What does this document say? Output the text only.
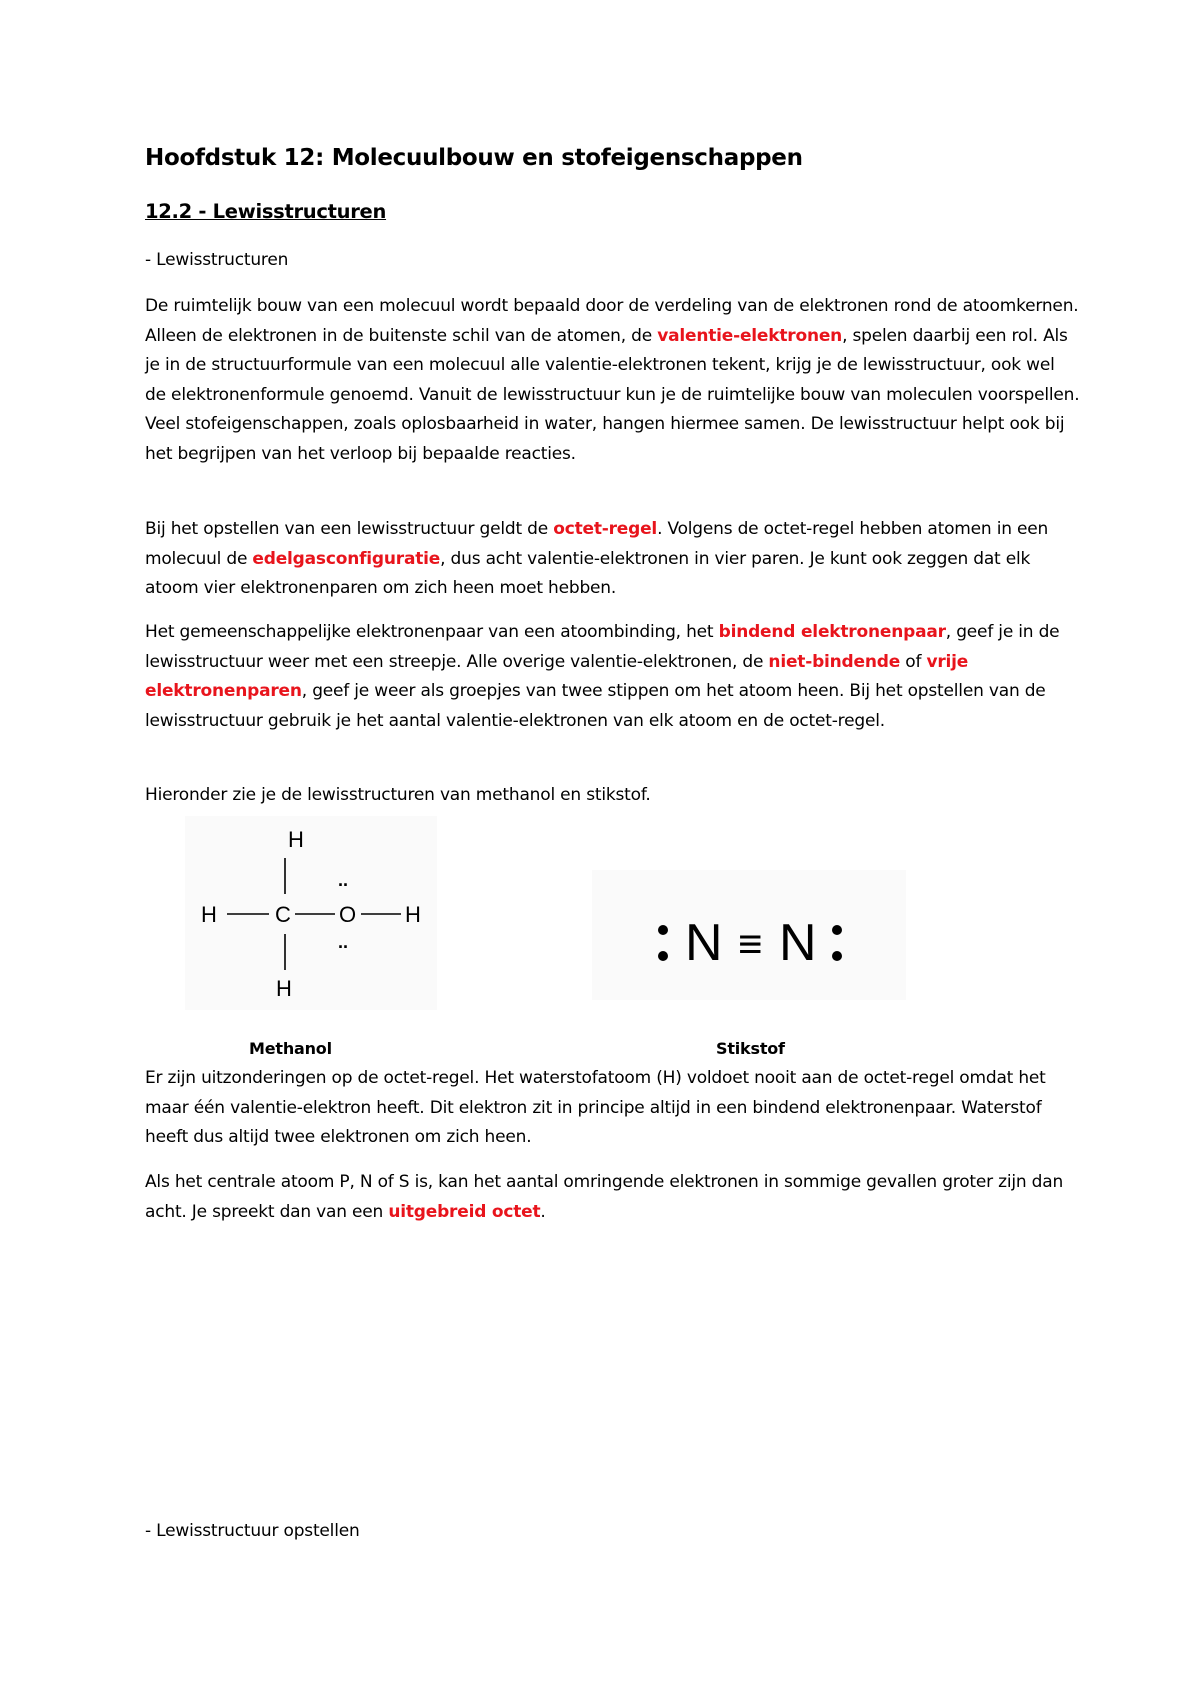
Hoofdstuk 12: Molecuulbouw en stofeigenschappen
12.2 - Lewisstructuren

- Lewisstructuren

De ruimtelijk bouw van een molecuul wordt bepaald door de verdeling van de elektronen rond de atoomkernen. Alleen de elektronen in de buitenste schil van de atomen, de valentie-elektronen, spelen daarbij een rol. Als je in de structuurformule van een molecuul alle valentie-elektronen tekent, krijg je de lewisstructuur, ook wel de elektronenformule genoemd. Vanuit de lewisstructuur kun je de ruimtelijke bouw van moleculen voorspellen. Veel stofeigenschappen, zoals oplosbaarheid in water, hangen hiermee samen. De lewisstructuur helpt ook bij het begrijpen van het verloop bij bepaalde reacties.

Bij het opstellen van een lewisstructuur geldt de octet-regel. Volgens de octet-regel hebben atomen in een molecuul de edelgasconfiguratie, dus acht valentie-elektronen in vier paren. Je kunt ook zeggen dat elk atoom vier elektronenparen om zich heen moet hebben.

Het gemeenschappelijke elektronenpaar van een atoombinding, het bindend elektronenpaar, geef je in de lewisstructuur weer met een streepje. Alle overige valentie-elektronen, de niet-bindende of vrije elektronenparen, geef je weer als groepjes van twee stippen om het atoom heen. Bij het opstellen van de lewisstructuur gebruik je het aantal valentie-elektronen van elk atoom en de octet-regel.

Hieronder zie je de lewisstructuren van methanol en stikstof.

H
H	C O
..
..
H
H
N ≡ N
Methanol	Stikstof

Er zijn uitzonderingen op de octet-regel. Het waterstofatoom (H) voldoet nooit aan de octet-regel omdat het maar één valentie-elektron heeft. Dit elektron zit in principe altijd in een bindend elektronenpaar. Waterstof heeft dus altijd twee elektronen om zich heen.

Als het centrale atoom P, N of S is, kan het aantal omringende elektronen in sommige gevallen groter zijn dan acht. Je spreekt dan van een uitgebreid octet.

- Lewisstructuur opstellen
